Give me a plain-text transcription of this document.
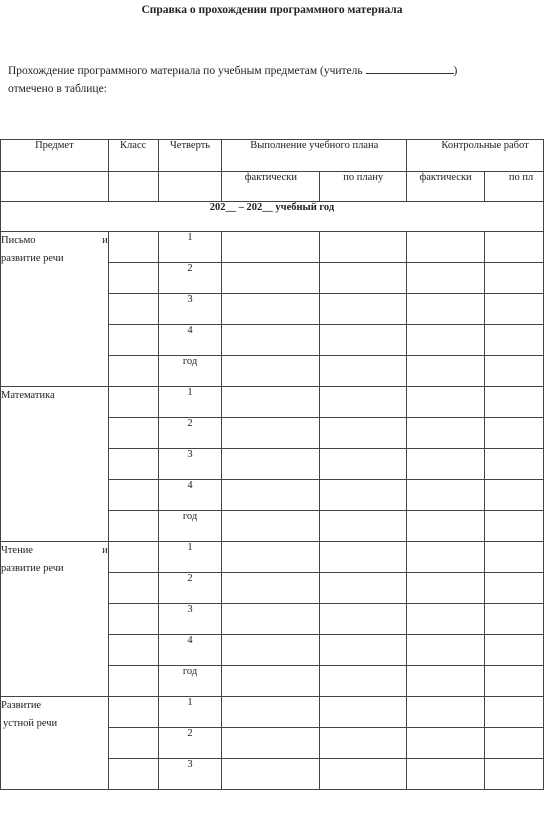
Справка о прохождении программного материала
Прохождение программного материала по учебным предметам (учитель	)
отмечено в таблице:
Предмет	Класс	Четверть	Выполнение учебного плана		Контрольные работ	
			фактически	по плану	фактически	по пл
202__ – 202__ учебный год						

Письмо и
развитие речи		1				
		2				
		3				
		4				
		год				

Математика		1				
		2				
		3				
		4				
		год				

Чтение и
развитие речи		1				
		2				
		3				
		4				
		год				

Развитие
устной речи		1				
		2				
		3				
